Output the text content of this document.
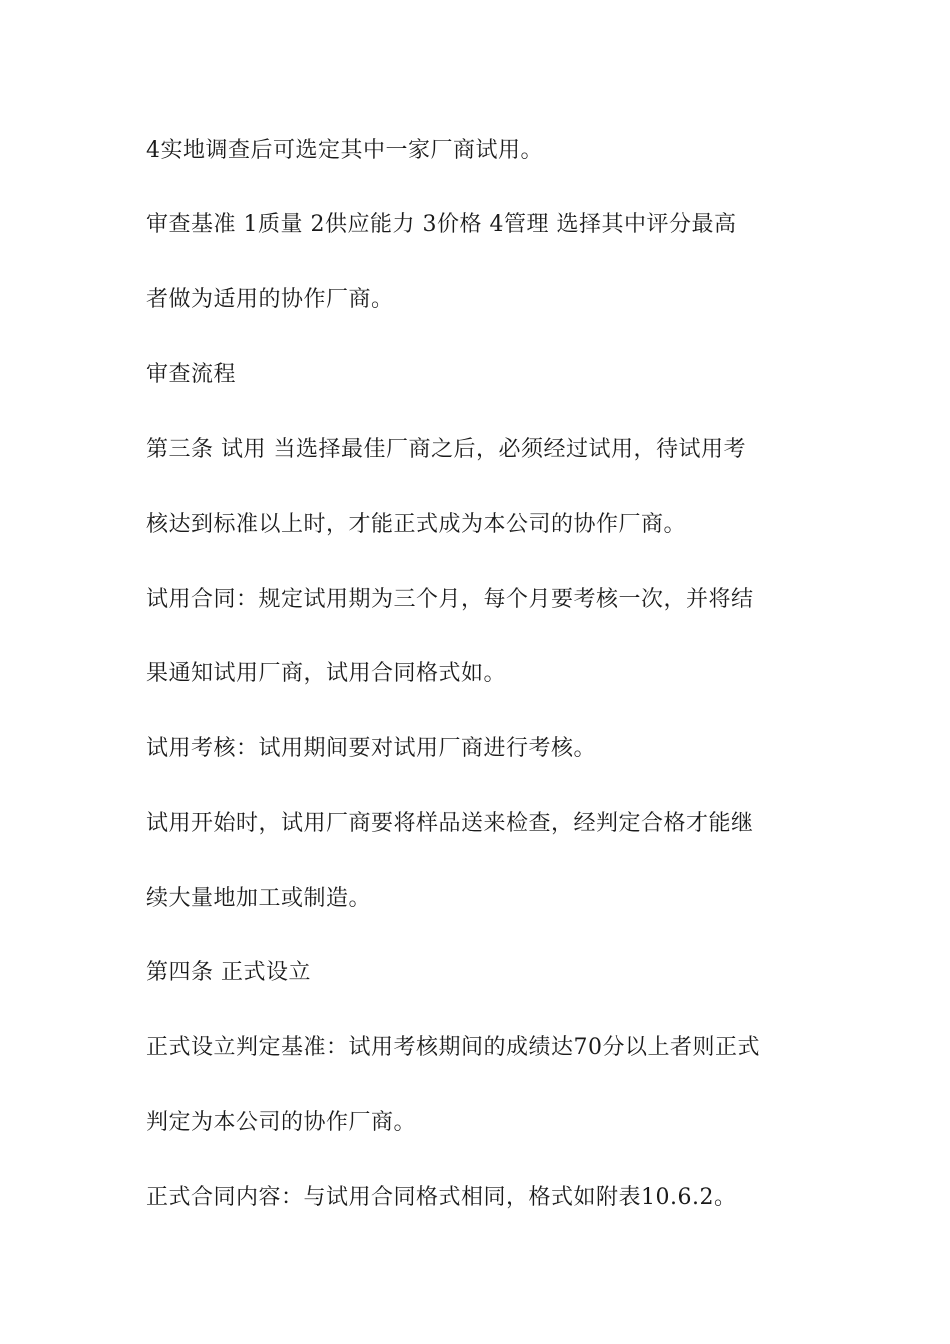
4实地调查后可选定其中一家厂商试用。

审查基准 1质量 2供应能力 3价格 4管理 选择其中评分最高

者做为适用的协作厂商。

审查流程

第三条 试用 当选择最佳厂商之后，必须经过试用，待试用考

核达到标准以上时，才能正式成为本公司的协作厂商。

试用合同：规定试用期为三个月，每个月要考核一次，并将结

果通知试用厂商，试用合同格式如。

试用考核：试用期间要对试用厂商进行考核。

试用开始时，试用厂商要将样品送来检查，经判定合格才能继

续大量地加工或制造。

第四条 正式设立

正式设立判定基准：试用考核期间的成绩达70分以上者则正式

判定为本公司的协作厂商。

正式合同内容：与试用合同格式相同，格式如附表10.6.2。
